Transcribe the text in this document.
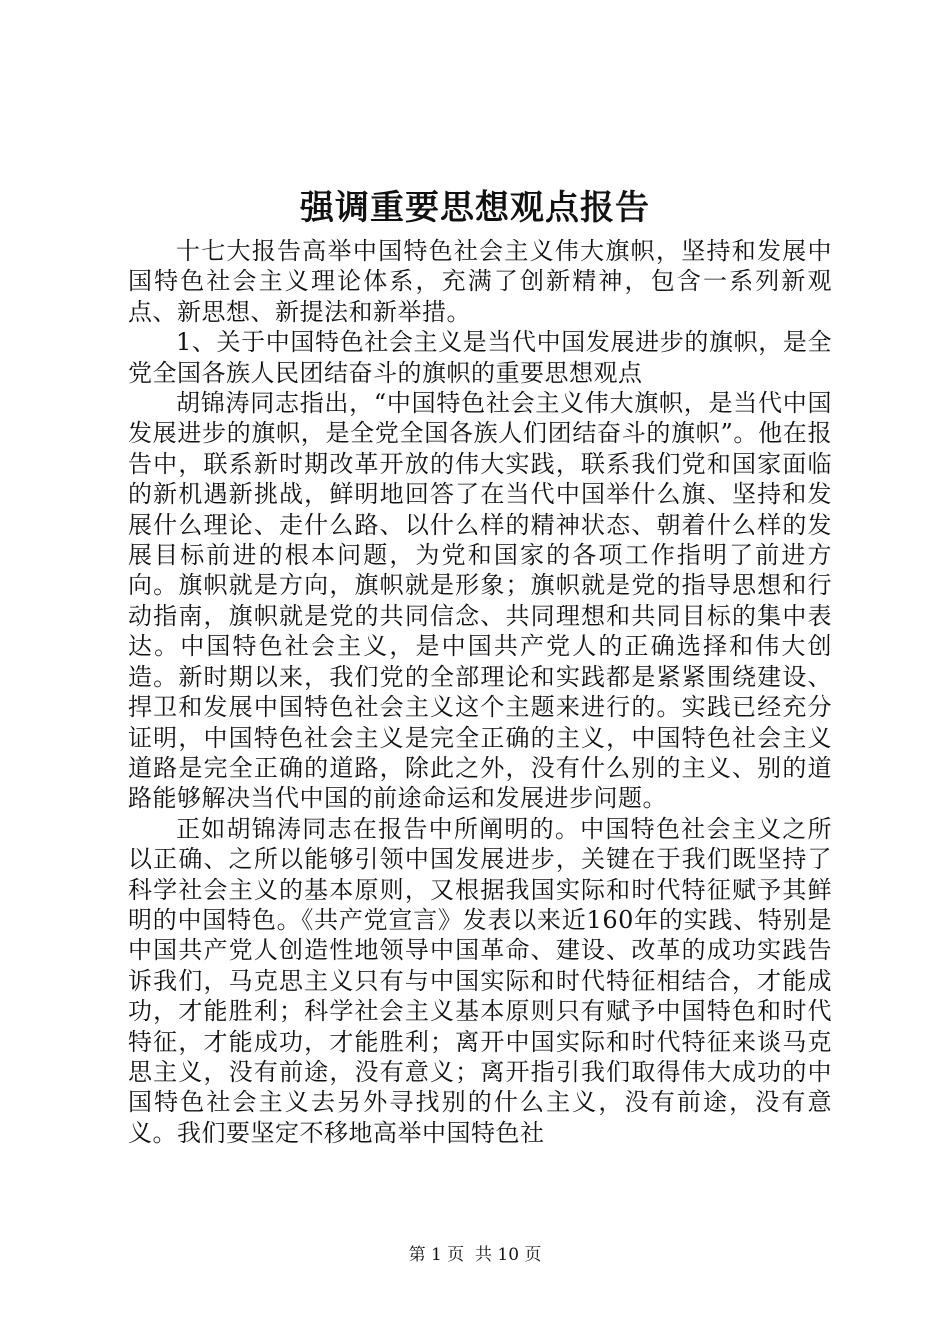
强调重要思想观点报告

十七大报告高举中国特色社会主义伟大旗帜，坚持和发展中国特色社会主义理论体系，充满了创新精神，包含一系列新观点、新思想、新提法和新举措。

1、关于中国特色社会主义是当代中国发展进步的旗帜，是全党全国各族人民团结奋斗的旗帜的重要思想观点

胡锦涛同志指出，“中国特色社会主义伟大旗帜，是当代中国发展进步的旗帜，是全党全国各族人们团结奋斗的旗帜”。他在报告中，联系新时期改革开放的伟大实践，联系我们党和国家面临的新机遇新挑战，鲜明地回答了在当代中国举什么旗、坚持和发展什么理论、走什么路、以什么样的精神状态、朝着什么样的发展目标前进的根本问题，为党和国家的各项工作指明了前进方向。旗帜就是方向，旗帜就是形象；旗帜就是党的指导思想和行动指南，旗帜就是党的共同信念、共同理想和共同目标的集中表达。中国特色社会主义，是中国共产党人的正确选择和伟大创造。新时期以来，我们党的全部理论和实践都是紧紧围绕建设、捍卫和发展中国特色社会主义这个主题来进行的。实践已经充分证明，中国特色社会主义是完全正确的主义，中国特色社会主义道路是完全正确的道路，除此之外，没有什么别的主义、别的道路能够解决当代中国的前途命运和发展进步问题。

正如胡锦涛同志在报告中所阐明的。中国特色社会主义之所以正确、之所以能够引领中国发展进步，关键在于我们既坚持了科学社会主义的基本原则，又根据我国实际和时代特征赋予其鲜明的中国特色。《共产党宣言》发表以来近160年的实践、特别是中国共产党人创造性地领导中国革命、建设、改革的成功实践告诉我们，马克思主义只有与中国实际和时代特征相结合，才能成功，才能胜利；科学社会主义基本原则只有赋予中国特色和时代特征，才能成功，才能胜利；离开中国实际和时代特征来谈马克思主义，没有前途，没有意义；离开指引我们取得伟大成功的中国特色社会主义去另外寻找别的什么主义，没有前途，没有意义。我们要坚定不移地高举中国特色社

第 1 页  共 10 页
